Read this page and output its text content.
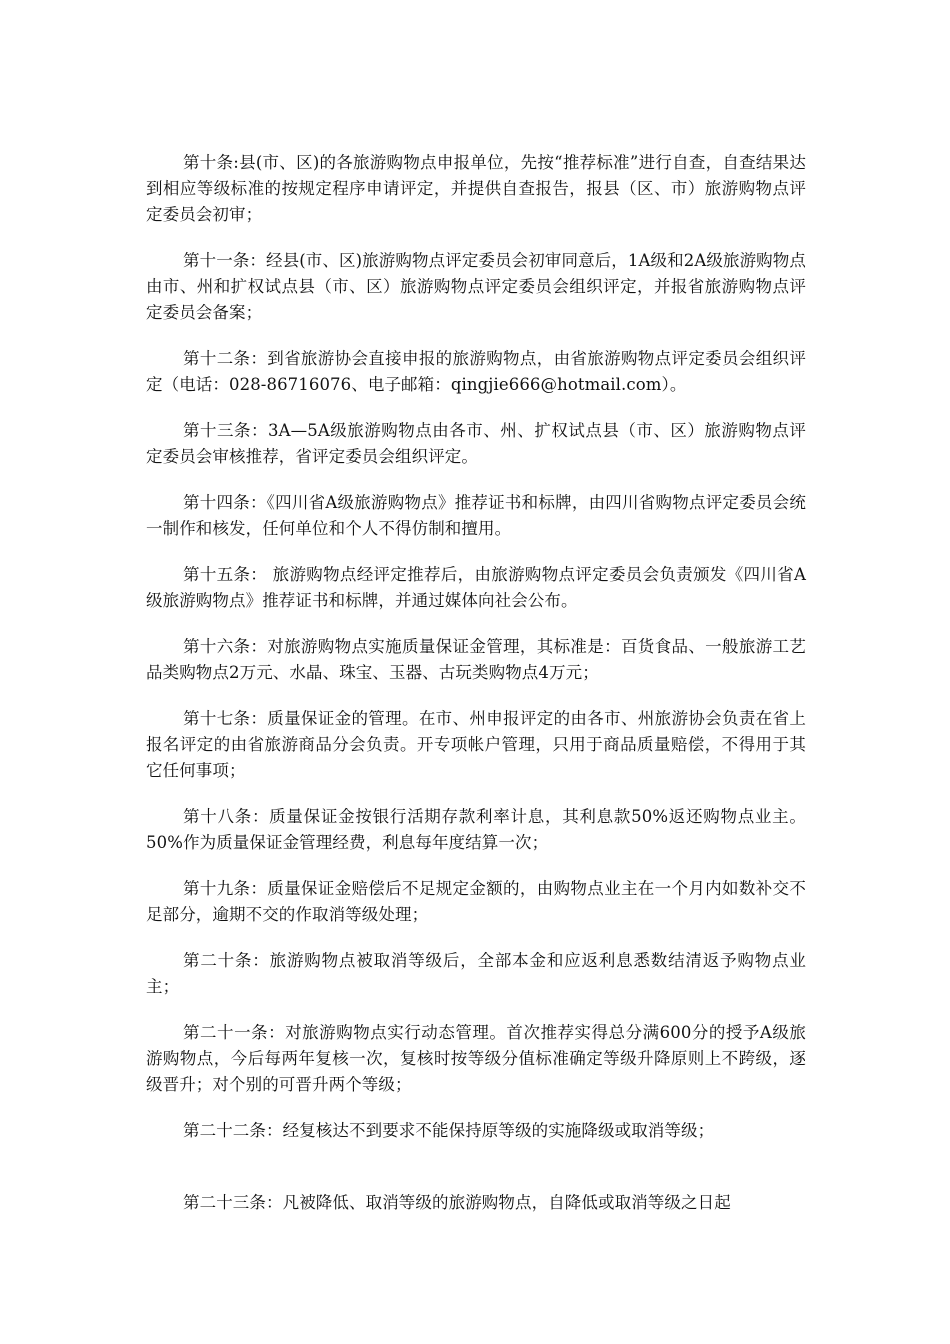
第十条:县(市、区)的各旅游购物点申报单位，先按“推荐标准”进行自查，自查结果达到相应等级标准的按规定程序申请评定，并提供自查报告，报县（区、市）旅游购物点评定委员会初审；

第十一条：经县(市、区)旅游购物点评定委员会初审同意后，1A级和2A级旅游购物点由市、州和扩权试点县（市、区）旅游购物点评定委员会组织评定，并报省旅游购物点评定委员会备案；

第十二条：到省旅游协会直接申报的旅游购物点，由省旅游购物点评定委员会组织评定（电话：028-86716076、电子邮箱：qingjie666@hotmail.com）。

第十三条：3A—5A级旅游购物点由各市、州、扩权试点县（市、区）旅游购物点评定委员会审核推荐，省评定委员会组织评定。

第十四条：《四川省A级旅游购物点》推荐证书和标牌，由四川省购物点评定委员会统一制作和核发，任何单位和个人不得仿制和擅用。

第十五条： 旅游购物点经评定推荐后，由旅游购物点评定委员会负责颁发《四川省A级旅游购物点》推荐证书和标牌，并通过媒体向社会公布。

第十六条：对旅游购物点实施质量保证金管理，其标准是：百货食品、一般旅游工艺品类购物点2万元、水晶、珠宝、玉器、古玩类购物点4万元；

第十七条：质量保证金的管理。在市、州申报评定的由各市、州旅游协会负责在省上报名评定的由省旅游商品分会负责。开专项帐户管理，只用于商品质量赔偿，不得用于其它任何事项；

第十八条：质量保证金按银行活期存款利率计息，其利息款50%返还购物点业主。50%作为质量保证金管理经费，利息每年度结算一次；

第十九条：质量保证金赔偿后不足规定金额的，由购物点业主在一个月内如数补交不足部分，逾期不交的作取消等级处理；

第二十条：旅游购物点被取消等级后，全部本金和应返利息悉数结清返予购物点业主；

第二十一条：对旅游购物点实行动态管理。首次推荐实得总分满600分的授予A级旅游购物点，今后每两年复核一次，复核时按等级分值标准确定等级升降原则上不跨级，逐级晋升；对个别的可晋升两个等级；

第二十二条：经复核达不到要求不能保持原等级的实施降级或取消等级；

第二十三条：凡被降低、取消等级的旅游购物点，自降低或取消等级之日起
